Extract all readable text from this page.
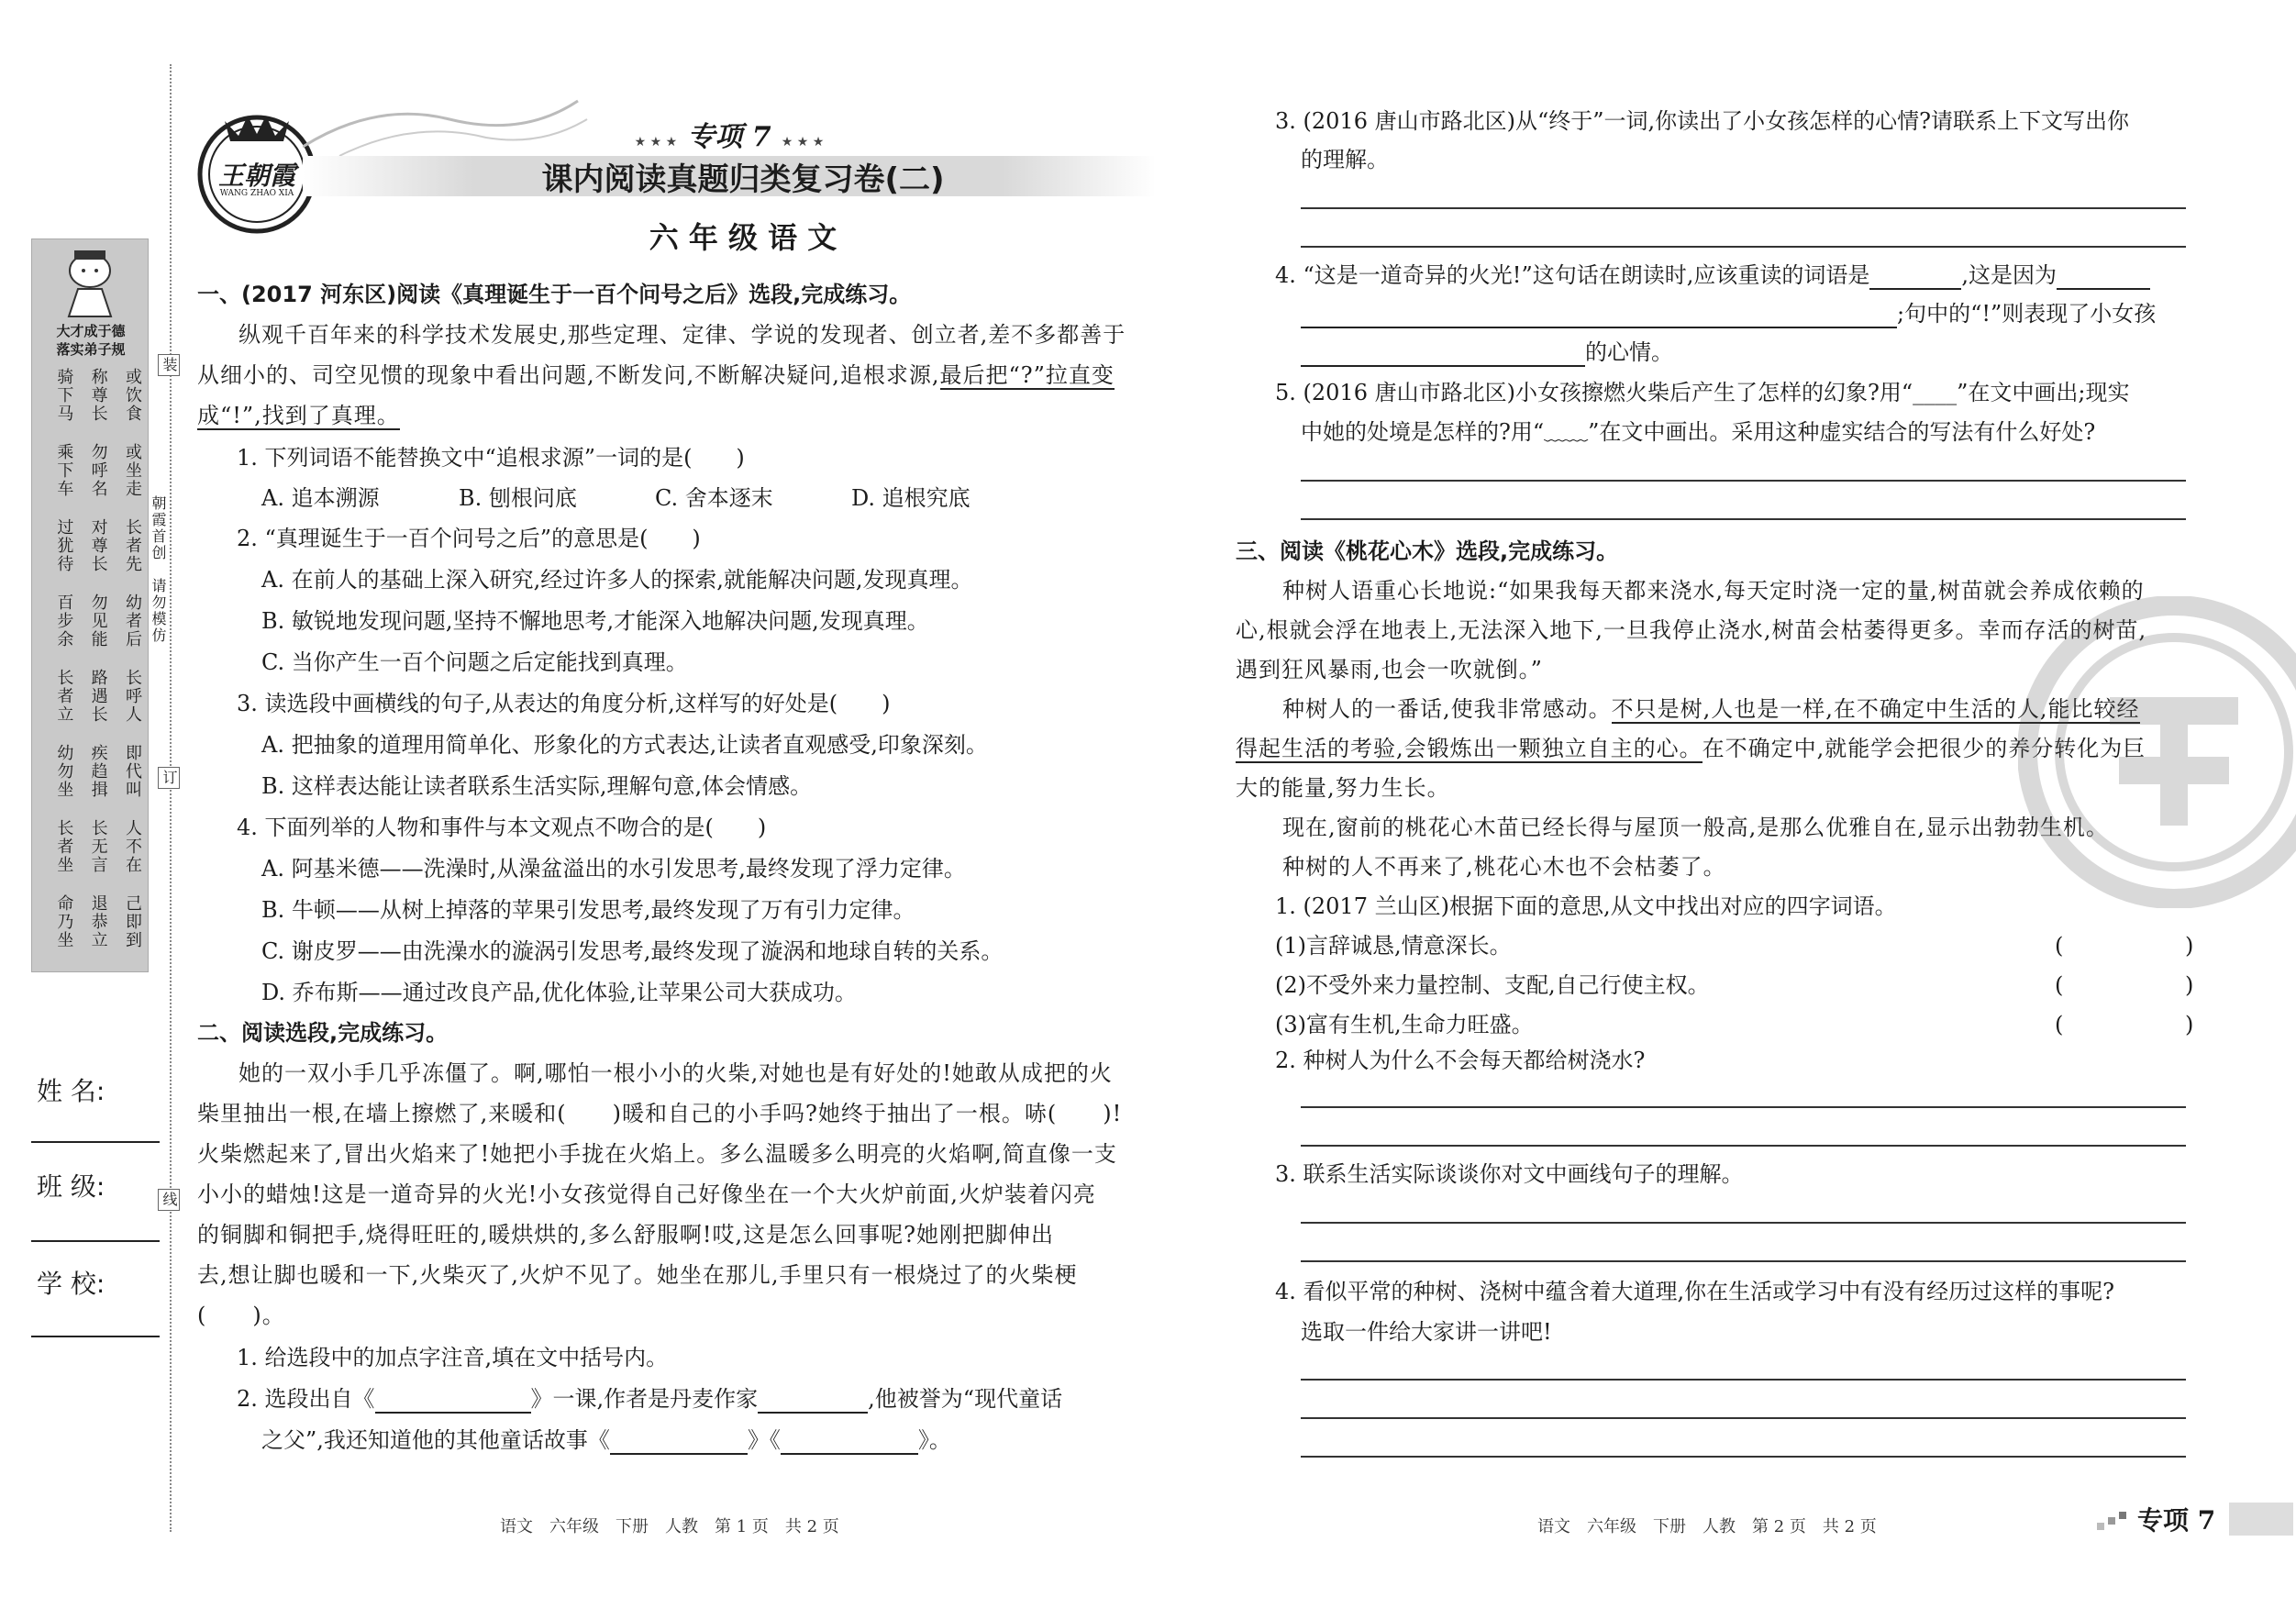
大才成于德
落实弟子规
骑下马 称尊长 或饮食
乘下车 勿呼名 或坐走
过犹待 对尊长 长者先
百步余 勿见能 幼者后
长者立 路遇长 长呼人
幼勿坐 疾趋揖 即代叫
长者坐 长无言 人不在
命乃坐 退恭立 己即到
装
朝霞首创　请勿模仿
订
线
姓 名:
班 级:
学 校:
王朝霞
WANG ZHAO XIA
★ ★ ★ 专项 7 ★ ★ ★
课内阅读真题归类复习卷(二)
六 年 级 语 文
一、(2017 河东区)阅读《真理诞生于一百个问号之后》选段,完成练习。
纵观千百年来的科学技术发展史,那些定理、定律、学说的发现者、创立者,差不多都善于
从细小的、司空见惯的现象中看出问题,不断发问,不断解决疑问,追根求源,最后把“?”拉直变
成“!”,找到了真理。
1. 下列词语不能替换文中“追根求源”一词的是(　　)
A. 追本溯源	B. 刨根问底	C. 舍本逐末	D. 追根究底
2. “真理诞生于一百个问号之后”的意思是(　　)
A. 在前人的基础上深入研究,经过许多人的探索,就能解决问题,发现真理。
B. 敏锐地发现问题,坚持不懈地思考,才能深入地解决问题,发现真理。
C. 当你产生一百个问题之后定能找到真理。
3. 读选段中画横线的句子,从表达的角度分析,这样写的好处是(　　)
A. 把抽象的道理用简单化、形象化的方式表达,让读者直观感受,印象深刻。
B. 这样表达能让读者联系生活实际,理解句意,体会情感。
4. 下面列举的人物和事件与本文观点不吻合的是(　　)
A. 阿基米德——洗澡时,从澡盆溢出的水引发思考,最终发现了浮力定律。
B. 牛顿——从树上掉落的苹果引发思考,最终发现了万有引力定律。
C. 谢皮罗——由洗澡水的漩涡引发思考,最终发现了漩涡和地球自转的关系。
D. 乔布斯——通过改良产品,优化体验,让苹果公司大获成功。
二、阅读选段,完成练习。
她的一双小手几乎冻僵了。啊,哪怕一根小小的火柴,对她也是有好处的!她敢从成把的火
柴里抽出一根,在墙上擦燃了,来暖和(　　)暖和自己的小手吗?她终于抽出了一根。哧(　　)!
火柴燃起来了,冒出火焰来了!她把小手拢在火焰上。多么温暖多么明亮的火焰啊,简直像一支
小小的蜡烛!这是一道奇异的火光!小女孩觉得自己好像坐在一个大火炉前面,火炉装着闪亮
的铜脚和铜把手,烧得旺旺的,暖烘烘的,多么舒服啊!哎,这是怎么回事呢?她刚把脚伸出
去,想让脚也暖和一下,火柴灭了,火炉不见了。她坐在那儿,手里只有一根烧过了的火柴梗
(　　)。
1. 给选段中的加点字注音,填在文中括号内。
2. 选段出自《	》一课,作者是丹麦作家	,他被誉为“现代童话
之父”,我还知道他的其他童话故事《	》《	》。
语文　六年级　下册　人教　第 1 页　共 2 页
3. (2016 唐山市路北区)从“终于”一词,你读出了小女孩怎样的心情?请联系上下文写出你
的理解。
4. “这是一道奇异的火光!”这句话在朗读时,应该重读的词语是	,这是因为
;句中的“!”则表现了小女孩
的心情。
5. (2016 唐山市路北区)小女孩擦燃火柴后产生了怎样的幻象?用“____”在文中画出;现实
中她的处境是怎样的?用“﹏﹏”在文中画出。采用这种虚实结合的写法有什么好处?
三、阅读《桃花心木》选段,完成练习。
种树人语重心长地说:“如果我每天都来浇水,每天定时浇一定的量,树苗就会养成依赖的
心,根就会浮在地表上,无法深入地下,一旦我停止浇水,树苗会枯萎得更多。幸而存活的树苗,
遇到狂风暴雨,也会一吹就倒。”
种树人的一番话,使我非常感动。不只是树,人也是一样,在不确定中生活的人,能比较经
得起生活的考验,会锻炼出一颗独立自主的心。在不确定中,就能学会把很少的养分转化为巨
大的能量,努力生长。
现在,窗前的桃花心木苗已经长得与屋顶一般高,是那么优雅自在,显示出勃勃生机。
种树的人不再来了,桃花心木也不会枯萎了。
1. (2017 兰山区)根据下面的意思,从文中找出对应的四字词语。
(1)言辞诚恳,情意深长。
(2)不受外来力量控制、支配,自己行使主权。
(3)富有生机,生命力旺盛。
(	)
(	)
(	)
2. 种树人为什么不会每天都给树浇水?
3. 联系生活实际谈谈你对文中画线句子的理解。
4. 看似平常的种树、浇树中蕴含着大道理,你在生活或学习中有没有经历过这样的事呢?
选取一件给大家讲一讲吧!
语文　六年级　下册　人教　第 2 页　共 2 页	专项 7
